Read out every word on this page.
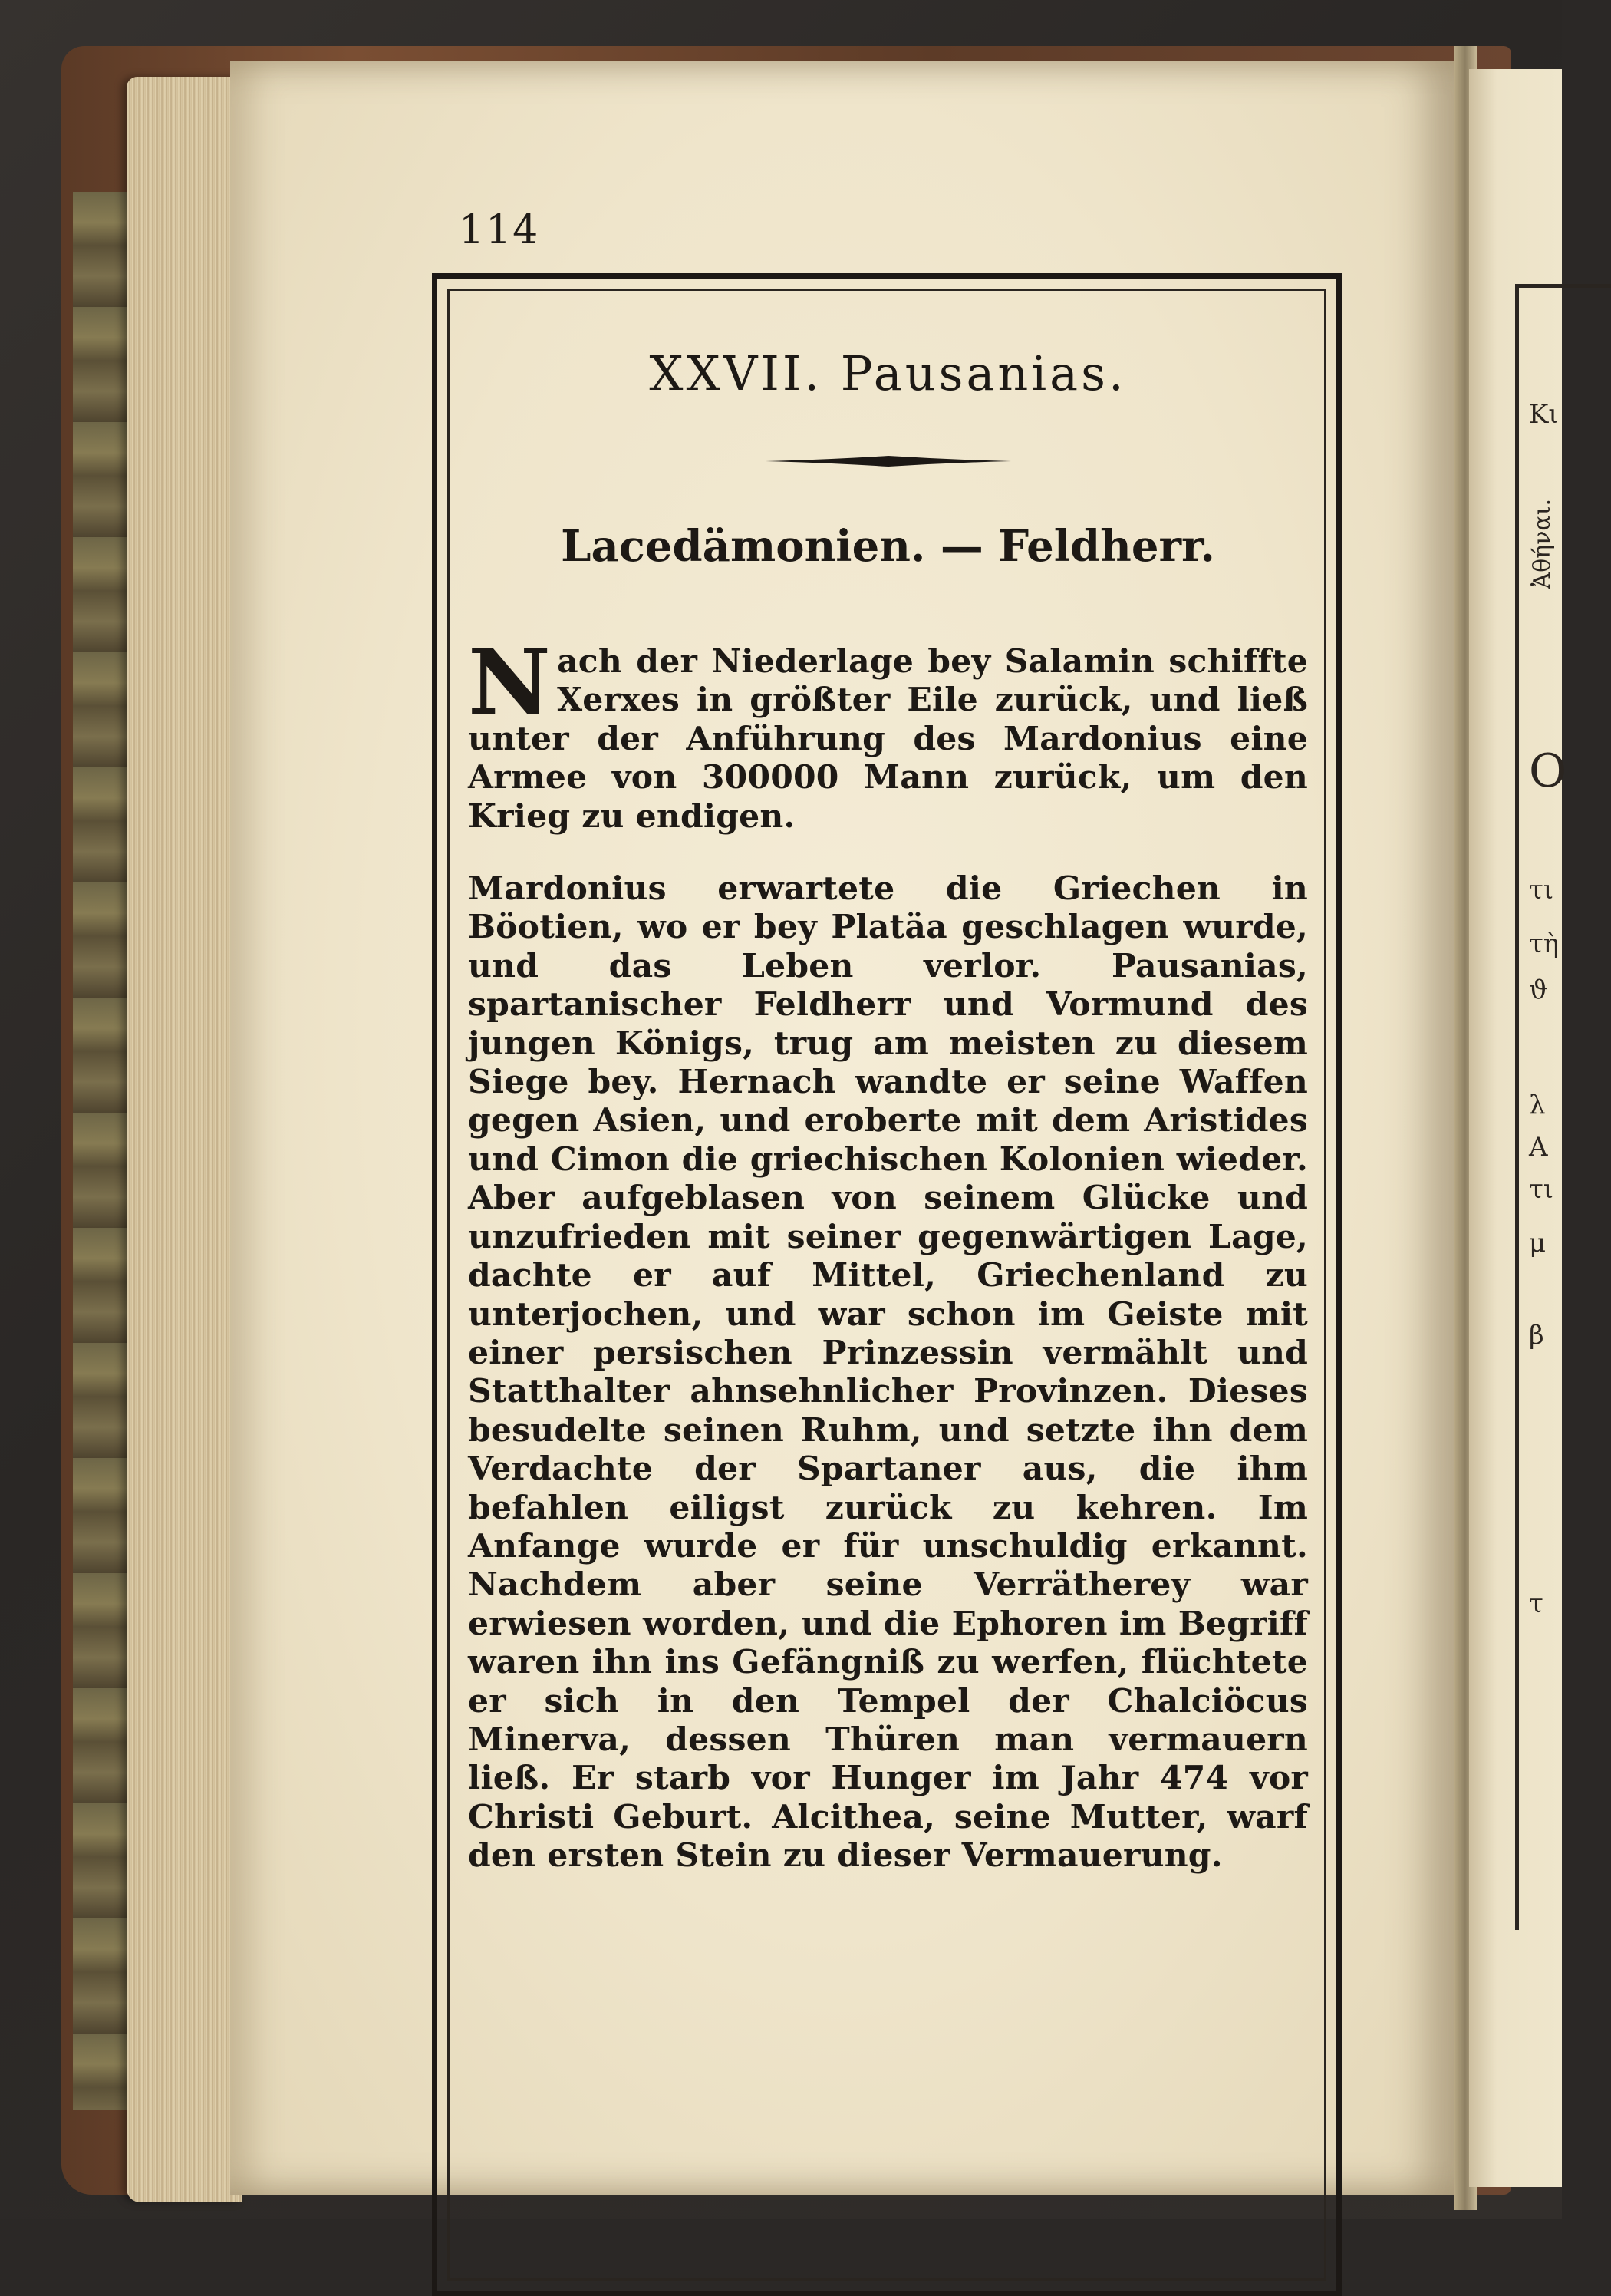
Κι
Ἀθήναι.
Ο
τι
τὴ
ϑ
λ
A
τι
μ
β
τ
114
XXVII. Pausanias.
Lacedämonien. — Feldherr.

Nach der Niederlage bey Salamin schiffte Xerxes in größter Eile zurück, und ließ unter der Anführung des Mardonius eine Armee von 300000 Mann zurück, um den Krieg zu endigen.

Mardonius erwartete die Griechen in Böotien, wo er bey Platäa geschlagen wurde, und das Leben verlor. Pausanias, spartanischer Feldherr und Vormund des jungen Königs, trug am meisten zu diesem Siege bey. Hernach wandte er seine Waffen gegen Asien, und eroberte mit dem Aristides und Cimon die griechischen Kolonien wieder. Aber aufgeblasen von seinem Glücke und unzufrieden mit seiner gegenwärtigen Lage, dachte er auf Mittel, Griechenland zu unterjochen, und war schon im Geiste mit einer persischen Prinzessin vermählt und Statthalter ahnsehnlicher Provinzen. Dieses besudelte seinen Ruhm, und setzte ihn dem Verdachte der Spartaner aus, die ihm befahlen eiligst zurück zu kehren. Im Anfange wurde er für unschuldig erkannt. Nachdem aber seine Verrätherey war erwiesen worden, und die Ephoren im Begriff waren ihn ins Gefängniß zu werfen, flüchtete er sich in den Tempel der Chalciöcus Minerva, dessen Thüren man vermauern ließ. Er starb vor Hunger im Jahr 474 vor Christi Geburt. Alcithea, seine Mutter, warf den ersten Stein zu dieser Vermauerung.
